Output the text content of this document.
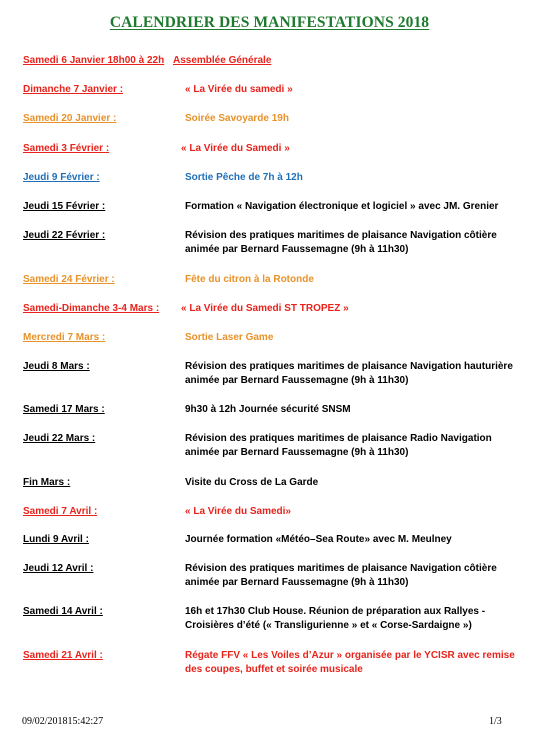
CALENDRIER DES MANIFESTATIONS 2018
Samedi 6 Janvier 18h00 à 22h Assemblée Générale
Dimanche 7 Janvier :	« La Virée du samedi »
Samedi 20 Janvier :	Soirée Savoyarde 19h
Samedi 3 Février :	« La Virée du Samedi »
Jeudi 9 Février :	Sortie Pêche de 7h à 12h
Jeudi 15 Février :	Formation « Navigation électronique et logiciel » avec JM. Grenier
Jeudi 22 Février :	Révision des pratiques maritimes de plaisance Navigation côtière
animée par Bernard Faussemagne (9h à 11h30)
Samedi 24 Février :	Fête du citron à la Rotonde
Samedi-Dimanche 3-4 Mars : « La Virée du Samedi ST TROPEZ »
Mercredi 7 Mars :	Sortie Laser Game
Jeudi 8 Mars :	Révision des pratiques maritimes de plaisance Navigation hauturière
animée par Bernard Faussemagne (9h à 11h30)
Samedi 17 Mars :	9h30 à 12h Journée sécurité SNSM
Jeudi 22 Mars :	Révision des pratiques maritimes de plaisance Radio Navigation
animée par Bernard Faussemagne (9h à 11h30)
Fin Mars :	Visite du Cross de La Garde
Samedi 7 Avril :	« La Virée du Samedi»
Lundi 9 Avril :	Journée formation «Météo–Sea Route» avec M. Meulney
Jeudi 12 Avril :	Révision des pratiques maritimes de plaisance Navigation côtière
animée par Bernard Faussemagne (9h à 11h30)
Samedi 14 Avril :	16h et 17h30 Club House. Réunion de préparation aux Rallyes -
Croisières d’été (« Transligurienne » et « Corse-Sardaigne »)
Samedi 21 Avril :	Régate FFV « Les Voiles d’Azur » organisée par le YCISR avec remise
des coupes, buffet et soirée musicale
09/02/201815:42:27	1/3
